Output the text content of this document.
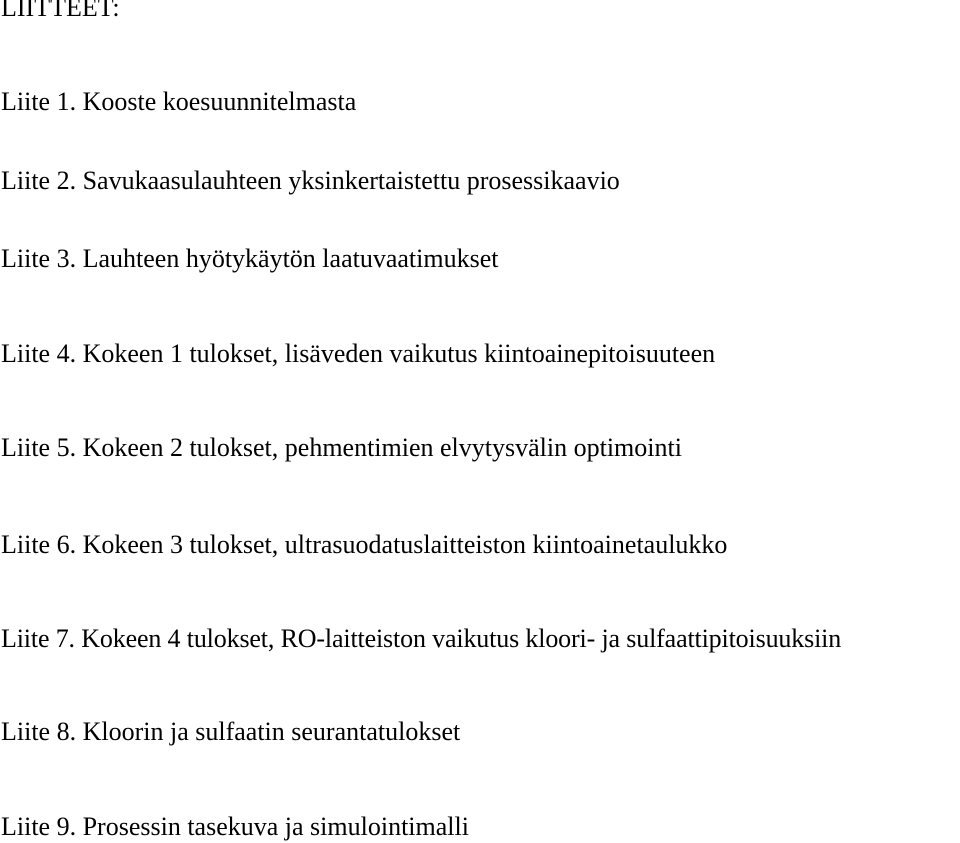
LIITTEET:
Liite 1. Kooste koesuunnitelmasta
Liite 2. Savukaasulauhteen yksinkertaistettu prosessikaavio
Liite 3. Lauhteen hyötykäytön laatuvaatimukset
Liite 4. Kokeen 1 tulokset, lisäveden vaikutus kiintoainepitoisuuteen
Liite 5. Kokeen 2 tulokset, pehmentimien elvytysvälin optimointi
Liite 6. Kokeen 3 tulokset, ultrasuodatuslaitteiston kiintoainetaulukko
Liite 7. Kokeen 4 tulokset, RO-laitteiston vaikutus kloori- ja sulfaattipitoisuuksiin
Liite 8. Kloorin ja sulfaatin seurantatulokset
Liite 9. Prosessin tasekuva ja simulointimalli
